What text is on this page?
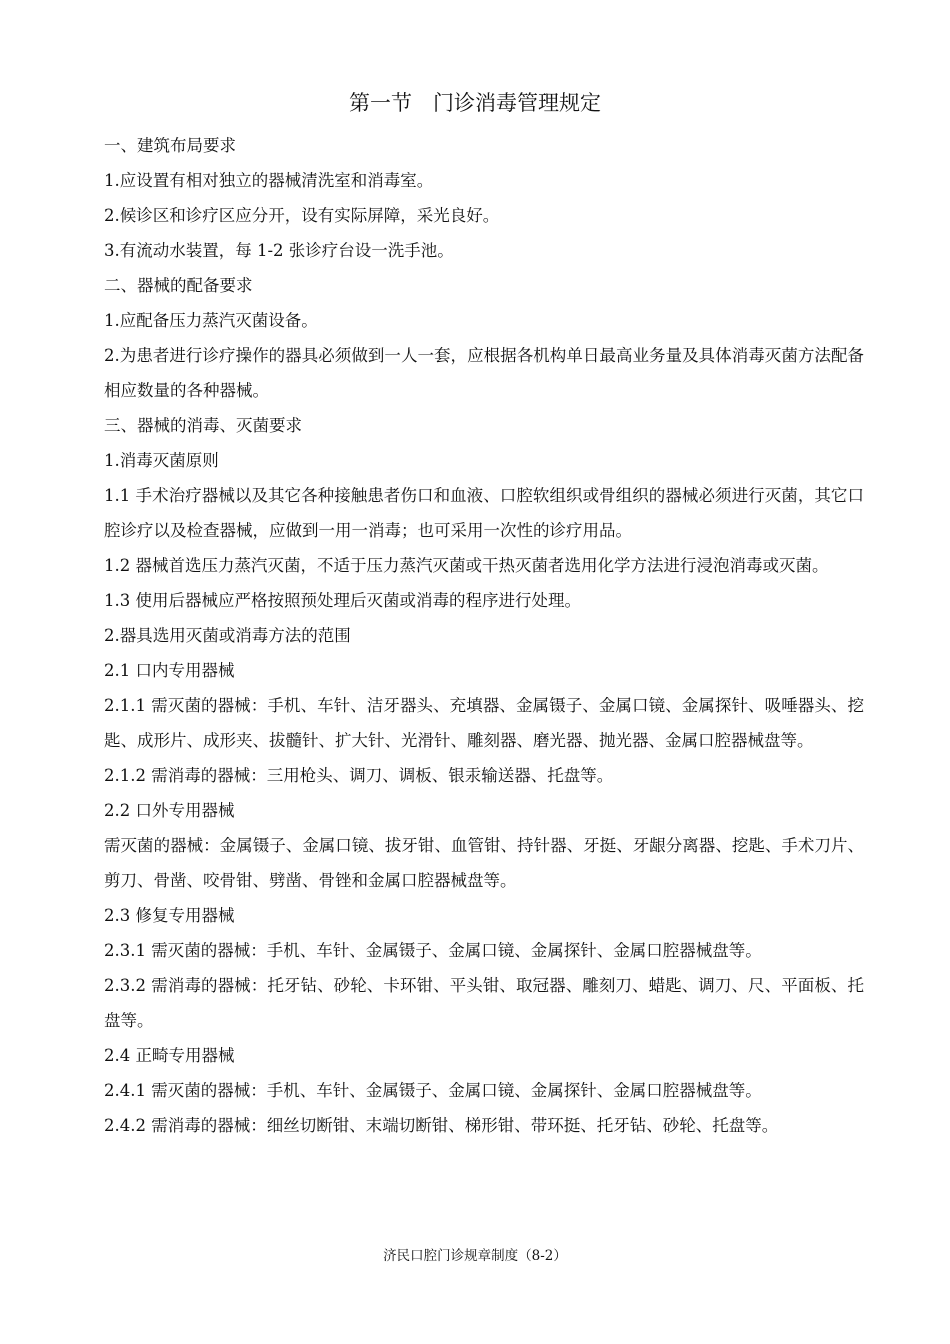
第一节　门诊消毒管理规定

一、建筑布局要求

1.应设置有相对独立的器械清洗室和消毒室。

2.候诊区和诊疗区应分开，设有实际屏障，采光良好。

3.有流动水装置，每 1-2 张诊疗台设一洗手池。

二、器械的配备要求

1.应配备压力蒸汽灭菌设备。

2.为患者进行诊疗操作的器具必须做到一人一套，应根据各机构单日最高业务量及具体消毒灭菌方法配备相应数量的各种器械。

三、器械的消毒、灭菌要求

1.消毒灭菌原则

1.1 手术治疗器械以及其它各种接触患者伤口和血液、口腔软组织或骨组织的器械必须进行灭菌，其它口腔诊疗以及检查器械，应做到一用一消毒；也可采用一次性的诊疗用品。

1.2 器械首选压力蒸汽灭菌，不适于压力蒸汽灭菌或干热灭菌者选用化学方法进行浸泡消毒或灭菌。

1.3 使用后器械应严格按照预处理后灭菌或消毒的程序进行处理。

2.器具选用灭菌或消毒方法的范围

2.1 口内专用器械

2.1.1 需灭菌的器械：手机、车针、洁牙器头、充填器、金属镊子、金属口镜、金属探针、吸唾器头、挖匙、成形片、成形夹、拔髓针、扩大针、光滑针、雕刻器、磨光器、抛光器、金属口腔器械盘等。

2.1.2 需消毒的器械：三用枪头、调刀、调板、银汞输送器、托盘等。

2.2 口外专用器械

需灭菌的器械：金属镊子、金属口镜、拔牙钳、血管钳、持针器、牙挺、牙龈分离器、挖匙、手术刀片、剪刀、骨凿、咬骨钳、劈凿、骨锉和金属口腔器械盘等。

2.3 修复专用器械

2.3.1 需灭菌的器械：手机、车针、金属镊子、金属口镜、金属探针、金属口腔器械盘等。

2.3.2 需消毒的器械：托牙钻、砂轮、卡环钳、平头钳、取冠器、雕刻刀、蜡匙、调刀、尺、平面板、托盘等。

2.4 正畸专用器械

2.4.1 需灭菌的器械：手机、车针、金属镊子、金属口镜、金属探针、金属口腔器械盘等。

2.4.2 需消毒的器械：细丝切断钳、末端切断钳、梯形钳、带环挺、托牙钻、砂轮、托盘等。

济民口腔门诊规章制度（8-2）
